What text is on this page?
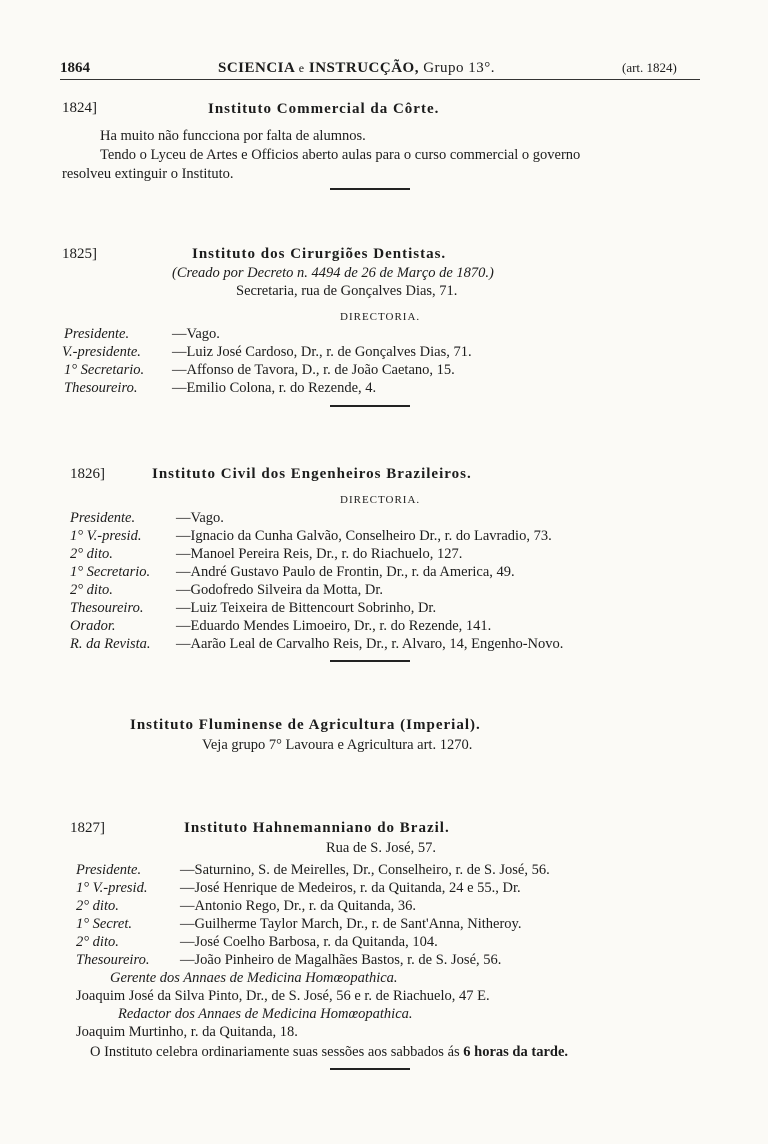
1864	SCIENCIA e INSTRUCÇÃO, Grupo 13°.	(art. 1824)
1824]	Instituto Commercial da Côrte.
Ha muito não funcciona por falta de alumnos.
Tendo o Lyceu de Artes e Officios aberto aulas para o curso commercial o governo
resolveu extinguir o Instituto.
1825]	Instituto dos Cirurgiões Dentistas.
(Creado por Decreto n. 4494 de 26 de Março de 1870.)
Secretaria, rua de Gonçalves Dias, 71.
DIRECTORIA.
Presidente.	—Vago.
V.-presidente. —Luiz José Cardoso, Dr., r. de Gonçalves Dias, 71.
1° Secretario. —Affonso de Tavora, D., r. de João Caetano, 15.
Thesoureiro. —Emilio Colona, r. do Rezende, 4.
1826]	Instituto Civil dos Engenheiros Brazileiros.
DIRECTORIA.
Presidente.	—Vago.
1° V.-presid. —Ignacio da Cunha Galvão, Conselheiro Dr., r. do Lavradio, 73.
2° dito.	—Manoel Pereira Reis, Dr., r. do Riachuelo, 127.
1° Secretario. —André Gustavo Paulo de Frontin, Dr., r. da America, 49.
2° dito.	—Godofredo Silveira da Motta, Dr.
Thesoureiro. —Luiz Teixeira de Bittencourt Sobrinho, Dr.
Orador.	—Eduardo Mendes Limoeiro, Dr., r. do Rezende, 141.
R. da Revista. —Aarão Leal de Carvalho Reis, Dr., r. Alvaro, 14, Engenho-Novo.
Instituto Fluminense de Agricultura (Imperial).
Veja grupo 7° Lavoura e Agricultura art. 1270.
1827]	Instituto Hahnemanniano do Brazil.
Rua de S. José, 57.
Presidente.	—Saturnino, S. de Meirelles, Dr., Conselheiro, r. de S. José, 56.
1° V.-presid. —José Henrique de Medeiros, r. da Quitanda, 24 e 55., Dr.
2° dito.	—Antonio Rego, Dr., r. da Quitanda, 36.
1° Secret.	—Guilherme Taylor March, Dr., r. de Sant'Anna, Nitheroy.
2° dito.	—José Coelho Barbosa, r. da Quitanda, 104.
Thesoureiro. —João Pinheiro de Magalhães Bastos, r. de S. José, 56.
Gerente dos Annaes de Medicina Homœopathica.
Joaquim José da Silva Pinto, Dr., de S. José, 56 e r. de Riachuelo, 47 E.
Redactor dos Annaes de Medicina Homœopathica.
Joaquim Murtinho, r. da Quitanda, 18.
O Instituto celebra ordinariamente suas sessões aos sabbados ás 6 horas da tarde.
